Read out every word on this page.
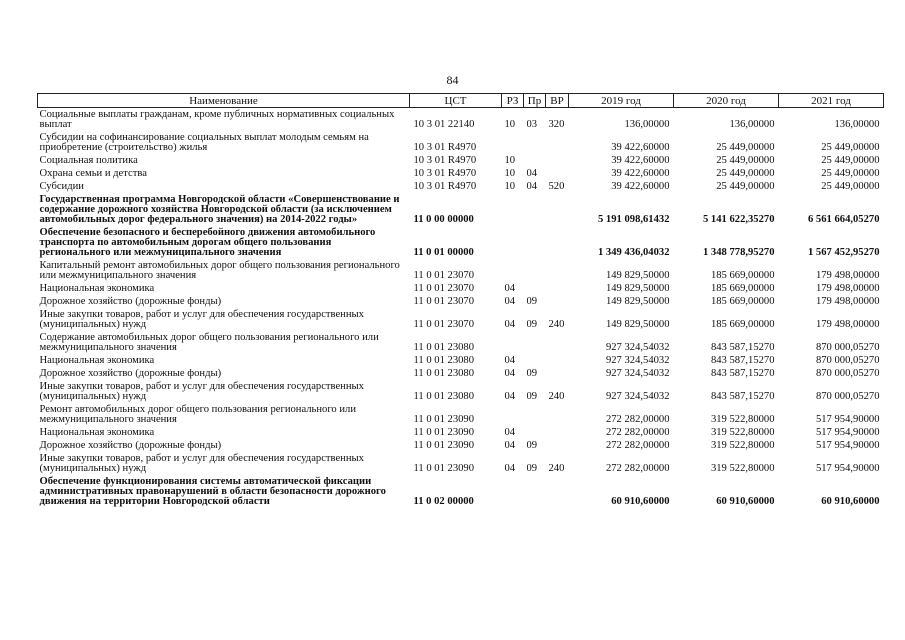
84
Наименование	ЦСТ	РЗ	Пр	ВР	2019 год	2020 год	2021 год
Социальные выплаты гражданам, кроме публичных нормативных социальных выплат	10 3 01 22140	10	03	320	136,00000	136,00000	136,00000
Субсидии на софинансирование социальных выплат молодым семьям на приобретение (строительство) жилья	10 3 01 R4970				39 422,60000	25 449,00000	25 449,00000
Социальная политика	10 3 01 R4970	10			39 422,60000	25 449,00000	25 449,00000
Охрана семьи и детства	10 3 01 R4970	10	04		39 422,60000	25 449,00000	25 449,00000
Субсидии	10 3 01 R4970	10	04	520	39 422,60000	25 449,00000	25 449,00000
Государственная программа Новгородской области «Совершенствование и содержание дорожного хозяйства Новгородской области (за исключением автомобильных дорог федерального значения) на 2014-2022 годы»	11 0 00 00000				5 191 098,61432	5 141 622,35270	6 561 664,05270
Обеспечение безопасного и бесперебойного движения автомобильного транспорта по автомобильным дорогам общего пользования регионального или межмуниципального значения	11 0 01 00000				1 349 436,04032	1 348 778,95270	1 567 452,95270
Капитальный ремонт автомобильных дорог общего пользования регионального или межмуниципального значения	11 0 01 23070				149 829,50000	185 669,00000	179 498,00000
Национальная экономика	11 0 01 23070	04			149 829,50000	185 669,00000	179 498,00000
Дорожное хозяйство (дорожные фонды)	11 0 01 23070	04	09		149 829,50000	185 669,00000	179 498,00000
Иные закупки товаров, работ и услуг для обеспечения государственных (муниципальных) нужд	11 0 01 23070	04	09	240	149 829,50000	185 669,00000	179 498,00000
Содержание автомобильных дорог общего пользования регионального или межмуниципального значения	11 0 01 23080				927 324,54032	843 587,15270	870 000,05270
Национальная экономика	11 0 01 23080	04			927 324,54032	843 587,15270	870 000,05270
Дорожное хозяйство (дорожные фонды)	11 0 01 23080	04	09		927 324,54032	843 587,15270	870 000,05270
Иные закупки товаров, работ и услуг для обеспечения государственных (муниципальных) нужд	11 0 01 23080	04	09	240	927 324,54032	843 587,15270	870 000,05270
Ремонт автомобильных дорог общего пользования регионального или межмуниципального значения	11 0 01 23090				272 282,00000	319 522,80000	517 954,90000
Национальная экономика	11 0 01 23090	04			272 282,00000	319 522,80000	517 954,90000
Дорожное хозяйство (дорожные фонды)	11 0 01 23090	04	09		272 282,00000	319 522,80000	517 954,90000
Иные закупки товаров, работ и услуг для обеспечения государственных (муниципальных) нужд	11 0 01 23090	04	09	240	272 282,00000	319 522,80000	517 954,90000
Обеспечение функционирования системы автоматической фиксации административных правонарушений в области безопасности дорожного движения на территории Новгородской области	11 0 02 00000				60 910,60000	60 910,60000	60 910,60000
